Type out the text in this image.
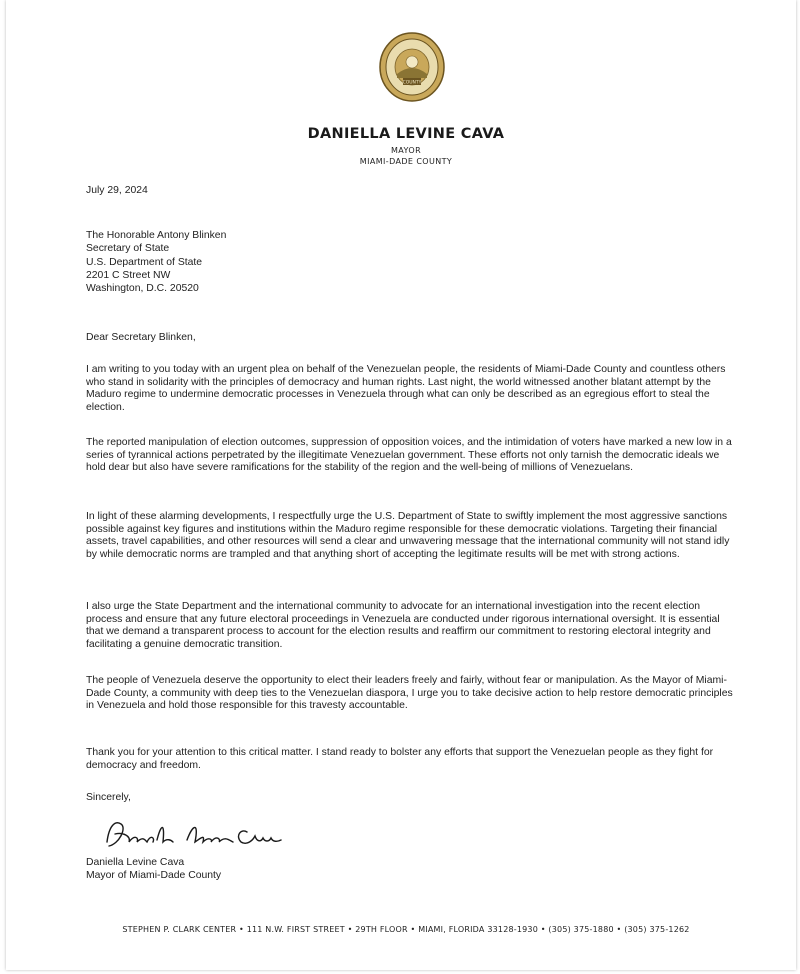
COUNTY
DANIELLA LEVINE CAVA
MAYOR
MIAMI-DADE COUNTY
July 29, 2024
The Honorable Antony Blinken
Secretary of State
U.S. Department of State
2201 C Street NW
Washington, D.C. 20520
Dear Secretary Blinken,
I am writing to you today with an urgent plea on behalf of the Venezuelan people, the residents of Miami-Dade County and countless others who stand in solidarity with the principles of democracy and human rights. Last night, the world witnessed another blatant attempt by the Maduro regime to undermine democratic processes in Venezuela through what can only be described as an egregious effort to steal the election.
The reported manipulation of election outcomes, suppression of opposition voices, and the intimidation of voters have marked a new low in a series of tyrannical actions perpetrated by the illegitimate Venezuelan government. These efforts not only tarnish the democratic ideals we hold dear but also have severe ramifications for the stability of the region and the well-being of millions of Venezuelans.
In light of these alarming developments, I respectfully urge the U.S. Department of State to swiftly implement the most aggressive sanctions possible against key figures and institutions within the Maduro regime responsible for these democratic violations. Targeting their financial assets, travel capabilities, and other resources will send a clear and unwavering message that the international community will not stand idly by while democratic norms are trampled and that anything short of accepting the legitimate results will be met with strong actions.
I also urge the State Department and the international community to advocate for an international investigation into the recent election process and ensure that any future electoral proceedings in Venezuela are conducted under rigorous international oversight. It is essential that we demand a transparent process to account for the election results and reaffirm our commitment to restoring electoral integrity and facilitating a genuine democratic transition.
The people of Venezuela deserve the opportunity to elect their leaders freely and fairly, without fear or manipulation. As the Mayor of Miami-Dade County, a community with deep ties to the Venezuelan diaspora, I urge you to take decisive action to help restore democratic principles in Venezuela and hold those responsible for this travesty accountable.
Thank you for your attention to this critical matter. I stand ready to bolster any efforts that support the Venezuelan people as they fight for democracy and freedom.
Sincerely,
Daniella Levine Cava
Mayor of Miami-Dade County
STEPHEN P. CLARK CENTER • 111 N.W. FIRST STREET • 29TH FLOOR • MIAMI, FLORIDA 33128-1930 • (305) 375-1880 • (305) 375-1262
